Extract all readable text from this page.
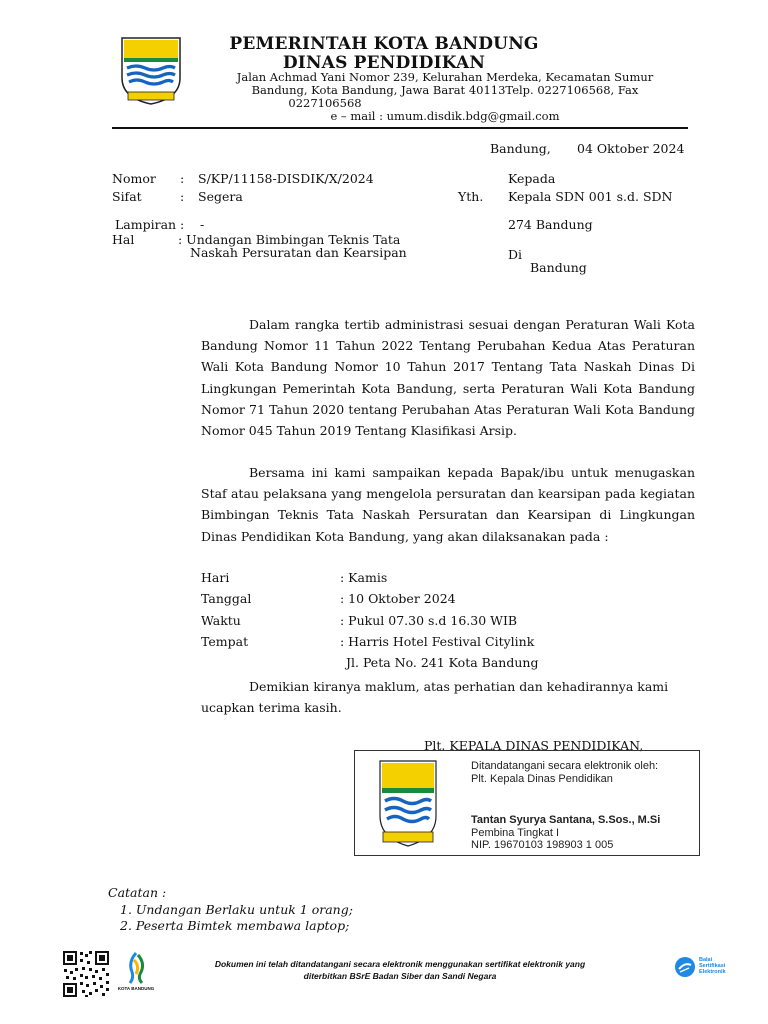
PEMERINTAH KOTA BANDUNG
DINAS PENDIDIKAN
Jalan Achmad Yani Nomor 239, Kelurahan Merdeka, Kecamatan Sumur
Bandung, Kota Bandung, Jawa Barat 40113Telp. 0227106568, Fax
0227106568
e – mail : umum.disdik.bdg@gmail.com
Bandung, 04 Oktober 2024
Nomor : S/KP/11158-DISDIK/X/2024
Sifat	: Segera
Lampiran : -
Hal	: Undangan Bimbingan Teknis Tata
Naskah Persuratan dan Kearsipan
Kepada
Yth. Kepala SDN 001 s.d. SDN
274 Bandung
Di
Bandung
Dalam rangka tertib administrasi sesuai dengan Peraturan Wali Kota Bandung Nomor 11 Tahun 2022 Tentang Perubahan Kedua Atas Peraturan Wali Kota Bandung Nomor 10 Tahun 2017 Tentang Tata Naskah Dinas Di Lingkungan Pemerintah Kota Bandung, serta Peraturan Wali Kota Bandung Nomor 71 Tahun 2020 tentang Perubahan Atas Peraturan Wali Kota Bandung Nomor 045 Tahun 2019 Tentang Klasifikasi Arsip.
Bersama ini kami sampaikan kepada Bapak/ibu untuk menugaskan Staf atau pelaksana yang mengelola persuratan dan kearsipan pada kegiatan Bimbingan Teknis Tata Naskah Persuratan dan Kearsipan di Lingkungan Dinas Pendidikan Kota Bandung, yang akan dilaksanakan pada :
Hari	: Kamis
Tanggal	: 10 Oktober 2024
Waktu	: Pukul 07.30 s.d 16.30 WIB
Tempat	: Harris Hotel Festival Citylink
Jl. Peta No. 241 Kota Bandung
Demikian kiranya maklum, atas perhatian dan kehadirannya kami ucapkan terima kasih.
Plt. KEPALA DINAS PENDIDIKAN,
Ditandatangani secara elektronik oleh:
Plt. Kepala Dinas Pendidikan
Tantan Syurya Santana, S.Sos., M.Si
Pembina Tingkat I
NIP. 19670103 198903 1 005
Catatan :
1. Undangan Berlaku untuk 1 orang;
2. Peserta Bimtek membawa laptop;
KOTA BANDUNG
Dokumen ini telah ditandatangani secara elektronik menggunakan sertifikat elektronik yang
diterbitkan BSrE Badan Siber dan Sandi Negara
Balai
Sertifikasi
Elektronik
